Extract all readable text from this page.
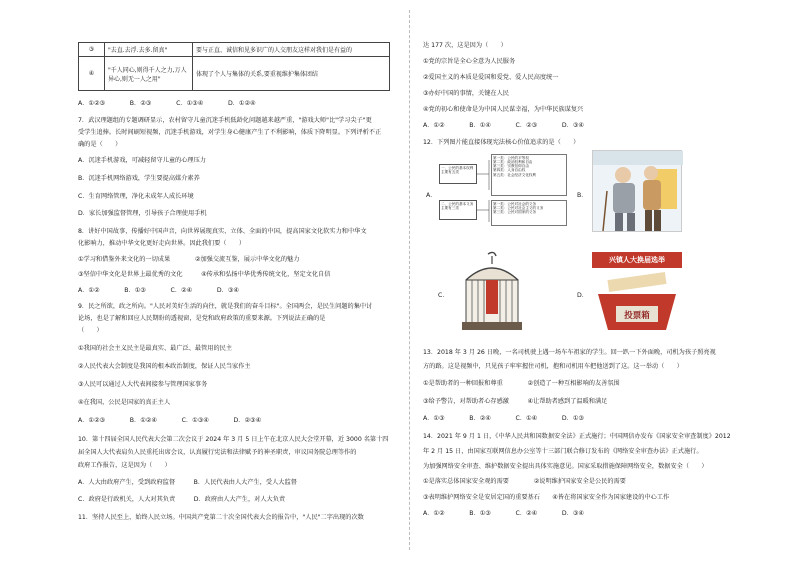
③	"去直.去浮.去多.留真"	要与正直、诚信和见多识广的人交朋友这样对我们是有益的
④	"千人同心,则得千人之力,万人异心,则无一人之用"	体现了个人与集体的关系,要重视维护集体团结
A．①②③　　　　B．②③　　　　C．①③④　　　　D．①②④
7．武汉理题组的专题调研显示，农村留守儿童沉迷手机低龄化问题越来越严重，"游戏大师"比"学习尖子"更
受学生追捧。长时间刷短视频，沉迷手机游戏，对学生身心健康产生了不利影响，体质下降明显。下列评析不正
确的是（　　）
A．沉迷手机游戏，可减轻留守儿童的心理压力
B．沉迷手机网络游戏，学生要提高媒介素养
C．生育网络管理，净化未成年人成长环境
D．家长加强监督管理，引导孩子合理使用手机
8．讲好中国故事，传播好中国声音，向世界展现真实、立体、全面的中国，提高国家文化软实力和中华文
化影响力，推动中华文化更好走向世界。因此我们要（　　）
①学习和借鉴外来文化的一切成果　　　　②加强交流互鉴，展示中华文化的魅力
③坚信中华文化是世界上最优秀的文化　　　④传承和弘扬中华优秀传统文化，坚定文化自信
A．①②　　　　B．①③　　　　C．②④　　　　D．③④
9．民之所欲，政之所向。"人民对美好生活的向往，就是我们的奋斗目标"。全国两会，是民生问题的集中讨
论场，也是了解和回应人民期盼的透视窗，是党和政府政策的重要来源。下列说法正确的是
（　　）
①我国的社会主义民主是最真实、最广泛、最管用的民主
②人民代表大会制度是我国的根本政治制度，保证人民当家作主
③人民可以通过人大代表间接参与管理国家事务
④在我国，公民是国家的真正主人
A．①②③　　　　B．①②④　　　　C．①③④　　　　D．②③④
10．第十四届全国人民代表大会第二次会议于 2024 年 3 月 5 日上午在北京人民大会堂开幕，近 3000 名第十四
届全国人大代表肩负人民重托出席会议，认真履行宪法和法律赋予的神圣职责，审议国务院总理等作的
政府工作报告，这是因为（　　）
A．人大由政府产生，受到政府监督　　　B．人民代表由人大产生，受人大监督
C．政府是行政机关，人大对其负责　　　D．政府由人大产生，对人大负责
11．坚持人民至上，始终人民立场。中国共产党第二十次全国代表大会的报告中，"人民"二字出现的次数
达 177 次，这是因为（　　）
①党的宗旨是全心全意为人民服务
②爱国主义的本质是爱国和爱党、爱人民高度统一
③办好中国的事情，关键在人民
④党的初心和使命是为中国人民谋幸福，为中华民族谋复兴
A．①②　　　　B．①④　　　　C．②③　　　　D．③④
12．下列图片能直接体现宪法核心价值追求的是（　　）
A．
一、公民的基本权利主要有五类
二、公民的基本义务主要有三类
第一类：公民的平等权
第二类：政治权利和自由
第三类：宗教信仰自由
第四类：人身自由权
第五类：社会经济文化权利
第一类：公民对社会的义务
第二类：公民对社会主义的义务
第三类：公民对国家的义务
B．
C．	D．
兴镇人大换届选举
投票箱
13．2018 年 3 月 26 日晚，一名司机驶上遇一场车车祖家的学生。回一趴一下外面晚，司机为孩子照亮视
方的路。这是视频中，只见孩子牢牢握住司机，抱和司机用车把他送到了这。这一举动（　　）
①是帮助者的一种回报和尊重　　　　②创造了一种互相影响的友善氛围
③给予警告，对帮助者心存感激　　　④让帮助者感到了温暖和满足
A．①③　　　　B．②④　　　　C．①④　　　　D．①③
14．2021 年 9 月 1 日，《中华人民共和国数据安全法》正式施行；中国网信办发布《国家安全审查制度》2012
年 2 月 15 日，由国家互联网信息办公室等十三部门联合修订发布的《网络安全审查办法》正式施行。
为加强网络安全审查、维护数据安全提出具体实施意见。国家采取措施保障网络安全，数据安全（　　）
①是落实总体国家安全观的需要　　　　②说明维护国家安全是公民的需要
③表明维护网络安全是安居定国的重要基石　　④皆在将国家安全作为国家建设的中心工作
A．①②　　　　B．①③　　　　C．②④　　　　D．③④
